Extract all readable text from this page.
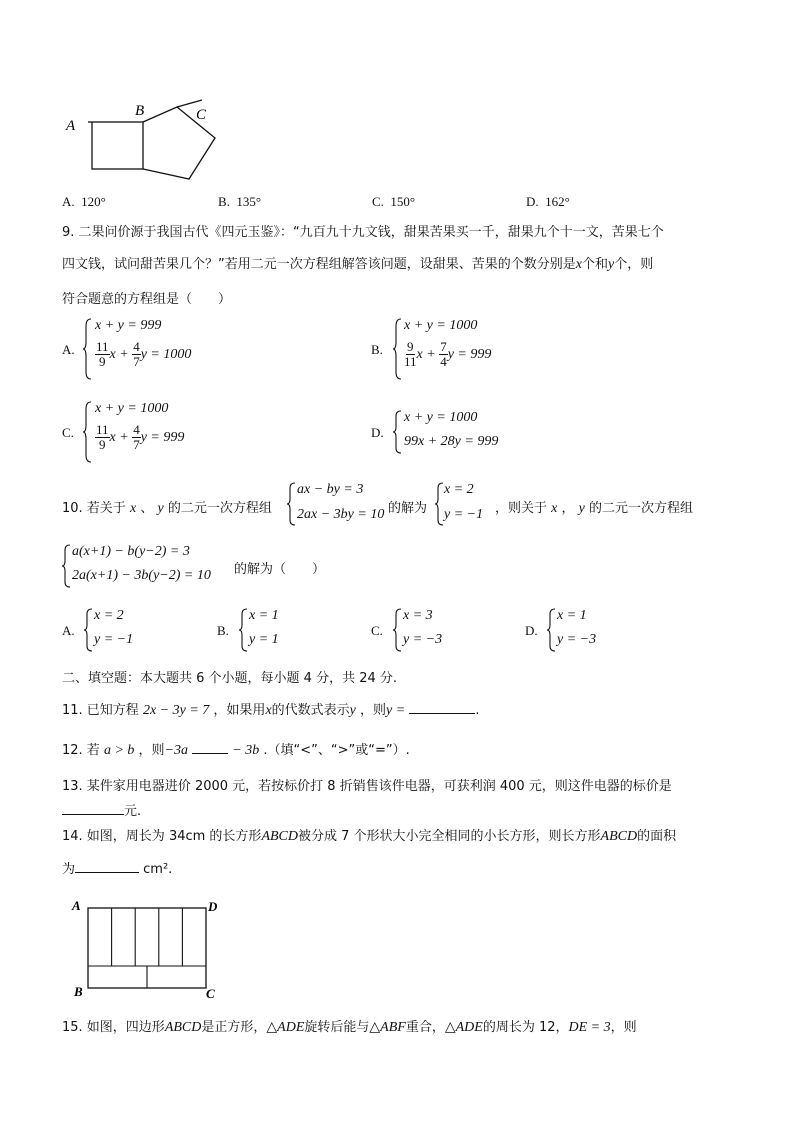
A
B	C
A. 120°	B. 135°	C. 150°	D. 162°
9. 二果问价源于我国古代《四元玉鉴》：“九百九十九文钱，甜果苦果买一千，甜果九个十一文，苦果七个
四文钱，试问甜苦果几个？”若用二元一次方程组解答该问题，设甜果、苦果的个数分别是x个和y个，则
符合题意的方程组是（　　）
A.
x + y = 999
11
9 $x + \frac{4}{7}$ y = 1000	B.
x + y = 1000
9
11 $x + \frac{7}{4}$ y = 999
C.
x + y = 1000
11
9 $x + \frac{4}{7}$ y = 999	D.
x + y = 1000
99x + 28y = 999
10. 若关于 x 、 y 的二元一次方程组
ax − by = 3
2ax − 3by = 10 的解为
x = 2
y = −1 ，则关于 x ， y 的二元一次方程组
a(x+1) − b(y−2) = 3
2a(x+1) − 3b(y−2) = 10 的解为（　　）
A.
x = 2
y = −1
B.
x = 1
y = 1
C.
x = 3
y = −3
D.
x = 1
y = −3
二、填空题：本大题共 6 个小题，每小题 4 分，共 24 分.
11. 已知方程 2x − 3y = 7 ，如果用x的代数式表示y ，则y =	.
12. 若 a > b ，则−3a	− 3b .（填“<”、“>”或“=”）.
13. 某件家用电器进价 2000 元，若按标价打 8 折销售该件电器，可获利润 400 元，则这件电器的标价是
元.
14. 如图，周长为 34cm 的长方形ABCD被分成 7 个形状大小完全相同的小长方形，则长方形ABCD的面积
为	cm².
A	D
B	C
15. 如图，四边形ABCD是正方形，△ADE旋转后能与△ABF重合，△ADE的周长为 12，DE = 3，则
